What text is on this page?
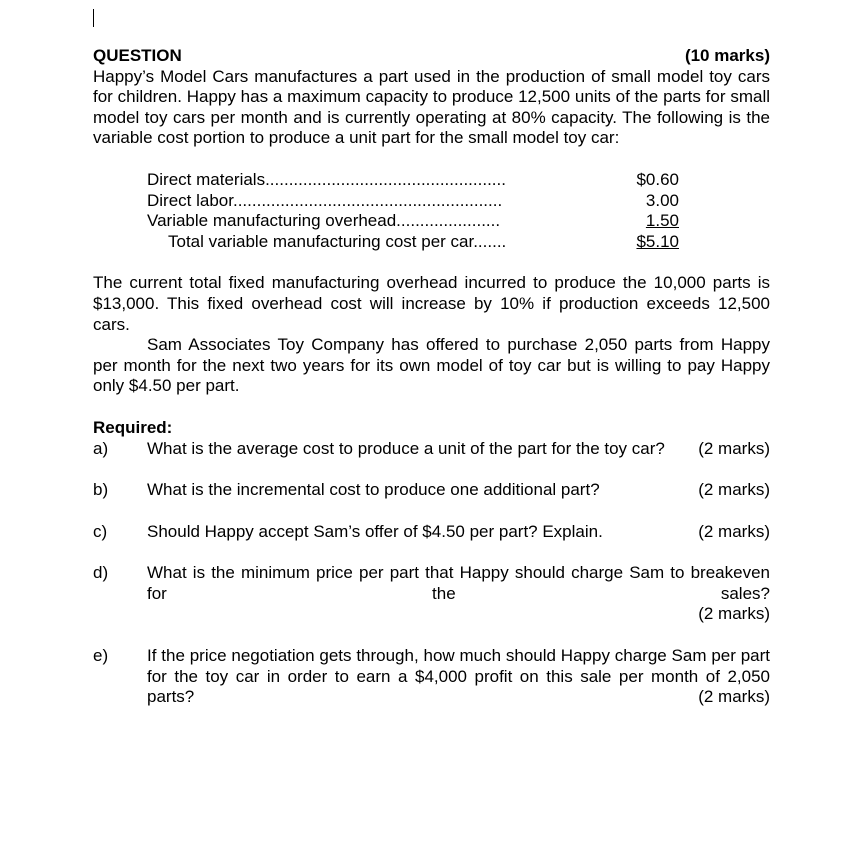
QUESTION	(10 marks)

Happy’s Model Cars manufactures a part used in the production of small model toy cars for children. Happy has a maximum capacity to produce 12,500 units of the parts for small model toy cars per month and is currently operating at 80% capacity. The following is the variable cost portion to produce a unit part for the small model toy car:

Direct materials...................................................	$0.60
Direct labor.........................................................	3.00
Variable manufacturing overhead......................	1.50
Total variable manufacturing cost per car.......	$5.10

The current total fixed manufacturing overhead incurred to produce the 10,000 parts is $13,000. This fixed overhead cost will increase by 10% if production exceeds 12,500 cars.

Sam Associates Toy Company has offered to purchase 2,050 parts from Happy per month for the next two years for its own model of toy car but is willing to pay Happy only $4.50 per part.

Required:
a)	What is the average cost to produce a unit of the part for the toy car? (2 marks)
b)	What is the incremental cost to produce one additional part?	(2 marks)
c)	Should Happy accept Sam’s offer of $4.50 per part? Explain.	(2 marks)
d)	What is the minimum price per part that Happy should charge Sam to breakeven for the sales?
(2 marks)
e)	If the price negotiation gets through, how much should Happy charge Sam per part for the toy car in order to earn a $4,000 profit on this sale per month of 2,050 parts?	(2 marks)
